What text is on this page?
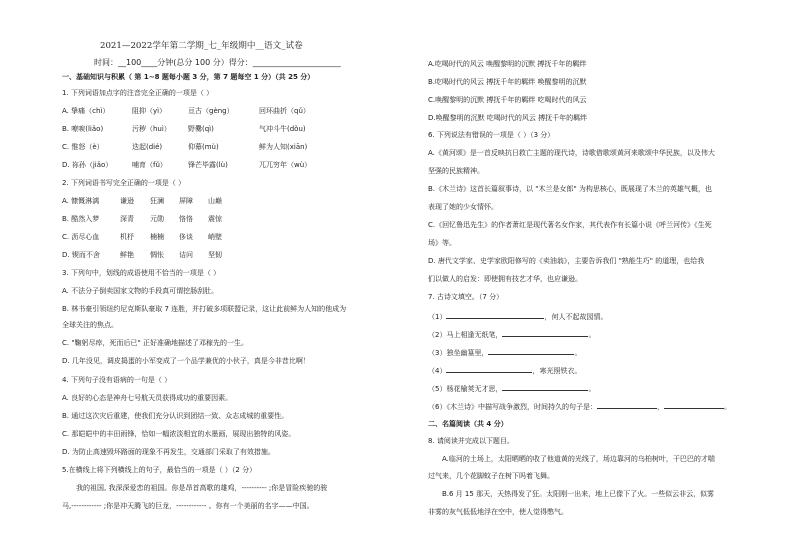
2021—2022学年第二学期_七_年级期中__语文_试卷
时间：__100____分钟(总分 100 分）得分：______________________
一、基础知识与积累（ 第 1~8 题每小题 3 分，第 7 题每空 1 分）（共 25 分）
1. 下列词语加点字的注音完全正确的一项是（ ）
A. 挚痛（chì）	阻抑（yì）	亘古（gèng）	回环曲折（qǔ）
B. 嘹唳(liǎo)	污秽（huì） 野爨(qì)	气冲斗牛(dǒu)
C. 惟怒（è）	迭起(dié)	仰幕(mù)	鲜为人知(xiān)
D. 祢孙（jiǎo）	哺育（fǔ）	锋芒毕露(lù)	兀兀穷年（wù）
2. 下列词语书写完全正确的一项是（ ）
A. 慷慨淋漓	谦逊 狂澜 屏障 山巅
B. 酷然入梦	深青 元勋 恪恪 震惊
C. 沥尽心血	机杼 楠楠 侈谈 峭壁
D. 锲而不舍	鲜艳 惆怅 诘问 坚韧
3. 下列句中，划线的成语使用不恰当的一项是（ ）
A. 不法分子倒卖国家文物的手段真可谓挖肠刮肚。
B. 林书豪引领纽约尼克斯队豪取 7 连胜，并打破多项联盟记录，这让此前鲜为人知的他成为
全球关注的焦点。
C. "鞠躬尽瘁，死而后已" 正好准确地描述了邓稼先的一生。
D. 几年没见，调皮捣蛋的小军变成了一个品学兼优的小伙子，真是今非昔比啊！
4. 下列句子没有语病的一句是（ ）
A. 良好的心态是神舟七号航天员获得成功的重要因素。
B. 通过这次灾后重建，使我们充分认识到团结一致、众志成城的重要性。
C. 那皑皑中的丰田雨锋，恰如一幅浓淡相宜的水墨画，展现出独特的风姿。
D. 为防止高速毁坏路面的现象不再发生，交通部门采取了有效措施。
5.在横线上将下列横线上的句子，最恰当的一项是（ ）（2 分）
我的祖国, 我深深爱恋的祖国。你是昂首高歌的雄鸡，---------- ;你是冒险疾驰的骏
马,------------ ;你是冲天腾飞的巨龙，------------ 。你有一个美丽的名字——中国。
A.吃喝时代的风云 唤醒黎明的沉默 搏抚千年的羁绊
B.吃喝时代的风云 搏抚千年的羁绊 唤醒黎明的沉默
C.唤醒黎明的沉默 搏抚千年的羁绊 吃喝时代的风云
D.唤醒黎明的沉默 吃喝时代的风云 搏抚千年的羁绊
6. 下列说法有错误的一项是（ ）（3 分）
A.《黄河颂》是一首反映抗日救亡主题的现代诗，诗歌借歌颂黄河来歌颂中华民族，以及伟大
坚强的民族精神。
B.《木兰诗》这首长篇叙事诗，以 "木兰是女郎" 为构思核心，既展现了木兰的英雄气概，也
表现了她的少女情怀。
C.《回忆鲁迅先生》的作者萧红是现代著名女作家，其代表作有长篇小说《呼兰河传》《生死
场》等。
D. 唐代文学家、史学家欧阳修写的《卖油翁》，主要告诉我们 "熟能生巧" 的道理，也给我
们以做人的启发：即使拥有技艺才华，也应谦逊。
7. 古诗文填空。（7 分）
（1）	，何人不起故园情。
（2）马上相逢无纸笔，	。
（3）独坐幽篁里，	。
（4）	，寒光照铁衣。
（5）杨花榆荚无才思，	。
（6）《木兰诗》中描写战争激烈，时间持久的句子是：	，	。
二、名篇阅读（共 4 分）
8. 请阅读并完成以下题目。
A.临河的土场上，太阳晒晒的收了他道黄的光线了，场边靠河的乌桕树叶，干巴巴的才喘
过气来，几个花脚蚊子在树下吗着飞舞。
B.6 月 15 那天，天热得发了狂。太阳刚一出来，地上已像下了火。一些似云非云，似雾
非雾的灰气低低地浮在空中，使人觉得憋气。
